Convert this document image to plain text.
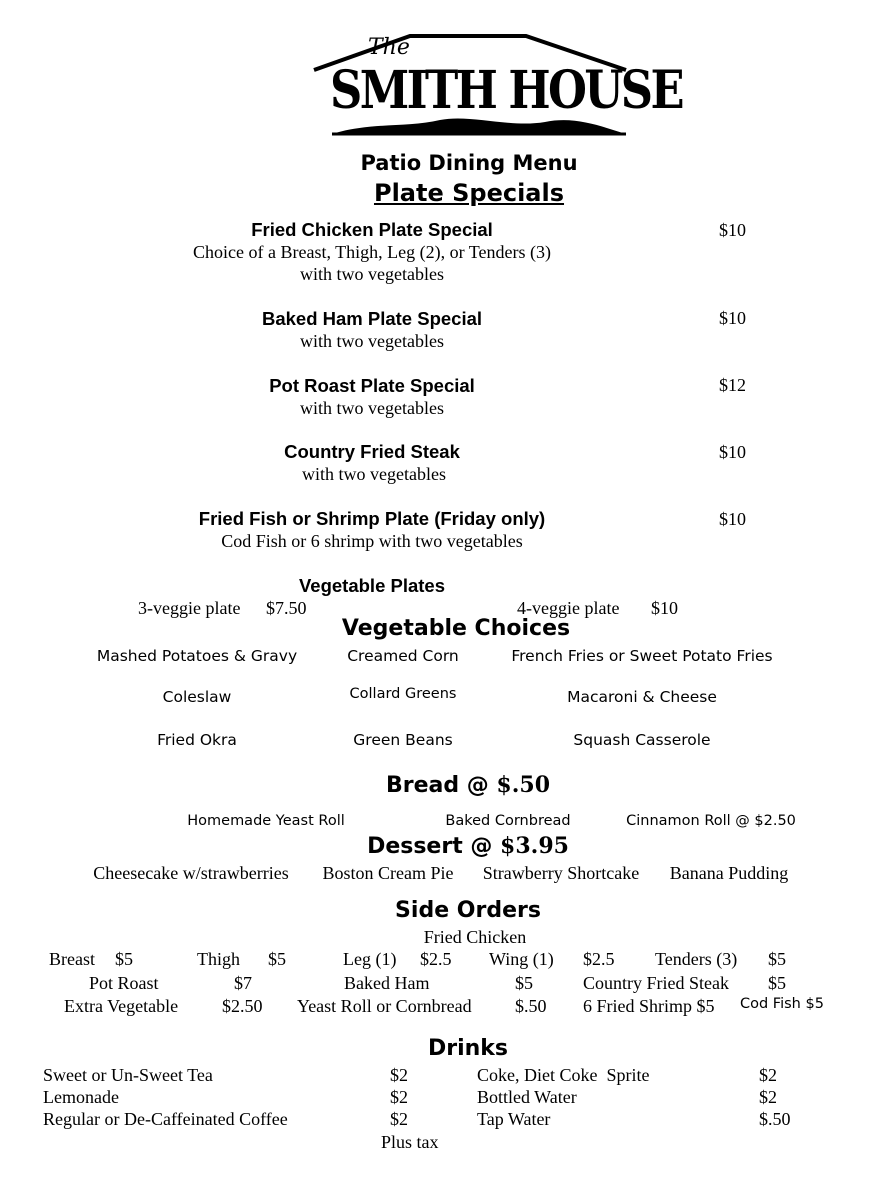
The
SMITH HOUSE
Patio Dining Menu
Plate Specials
Fried Chicken Plate Special
Choice of a Breast, Thigh, Leg (2), or Tenders (3)
with two vegetables
$10
Baked Ham Plate Special
with two vegetables
$10
Pot Roast Plate Special
with two vegetables
$12
Country Fried Steak
with two vegetables
$10
Fried Fish or Shrimp Plate (Friday only)
Cod Fish or 6 shrimp with two vegetables
$10
Vegetable Plates
3-veggie plate $7.50	4-veggie plate $10
Vegetable Choices
Mashed Potatoes & Gravy	Creamed Corn	French Fries or Sweet Potato Fries
Coleslaw	Collard Greens	Macaroni & Cheese
Fried Okra	Green Beans	Squash Casserole
Bread @ $.50
Homemade Yeast Roll	Baked Cornbread	Cinnamon Roll @ $2.50
Dessert @ $3.95
Cheesecake w/strawberries Boston Cream Pie Strawberry Shortcake Banana Pudding
Side Orders
Fried Chicken
Breast $5	Thigh $5	Leg (1) $2.5 Wing (1) $2.5 Tenders (3) $5
Pot Roast	$7	Baked Ham	$5	Country Fried Steak $5
Extra Vegetable $2.50 Yeast Roll or Cornbread $.50 6 Fried Shrimp $5 Cod Fish $5
Drinks
Sweet or Un-Sweet Tea	$2
Lemonade	$2
Regular or De-Caffeinated Coffee	$2
Coke, Diet Coke  Sprite	$2
Bottled Water	$2
Tap Water	$.50
Plus tax
